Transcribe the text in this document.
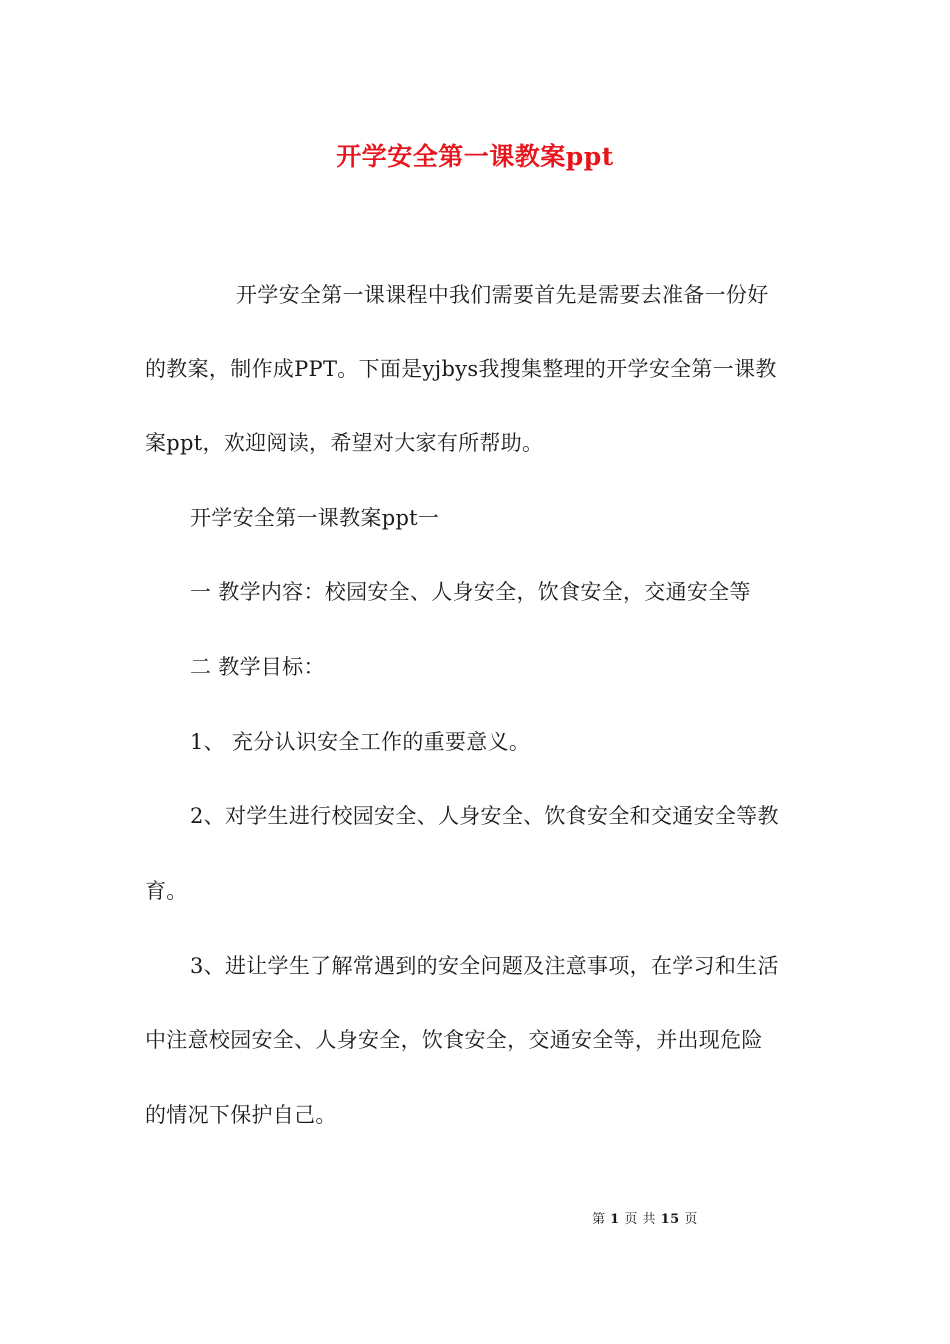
开学安全第一课教案ppt
开学安全第一课课程中我们需要首先是需要去准备一份好
的教案，制作成PPT。下面是yjbys我搜集整理的开学安全第一课教
案ppt，欢迎阅读，希望对大家有所帮助。
开学安全第一课教案ppt一
一 教学内容：校园安全、人身安全，饮食安全，交通安全等
二 教学目标：
1、 充分认识安全工作的重要意义。
2、对学生进行校园安全、人身安全、饮食安全和交通安全等教
育。
3、进让学生了解常遇到的安全问题及注意事项，在学习和生活
中注意校园安全、人身安全，饮食安全，交通安全等，并出现危险
的情况下保护自己。
第 1 页 共 15 页
